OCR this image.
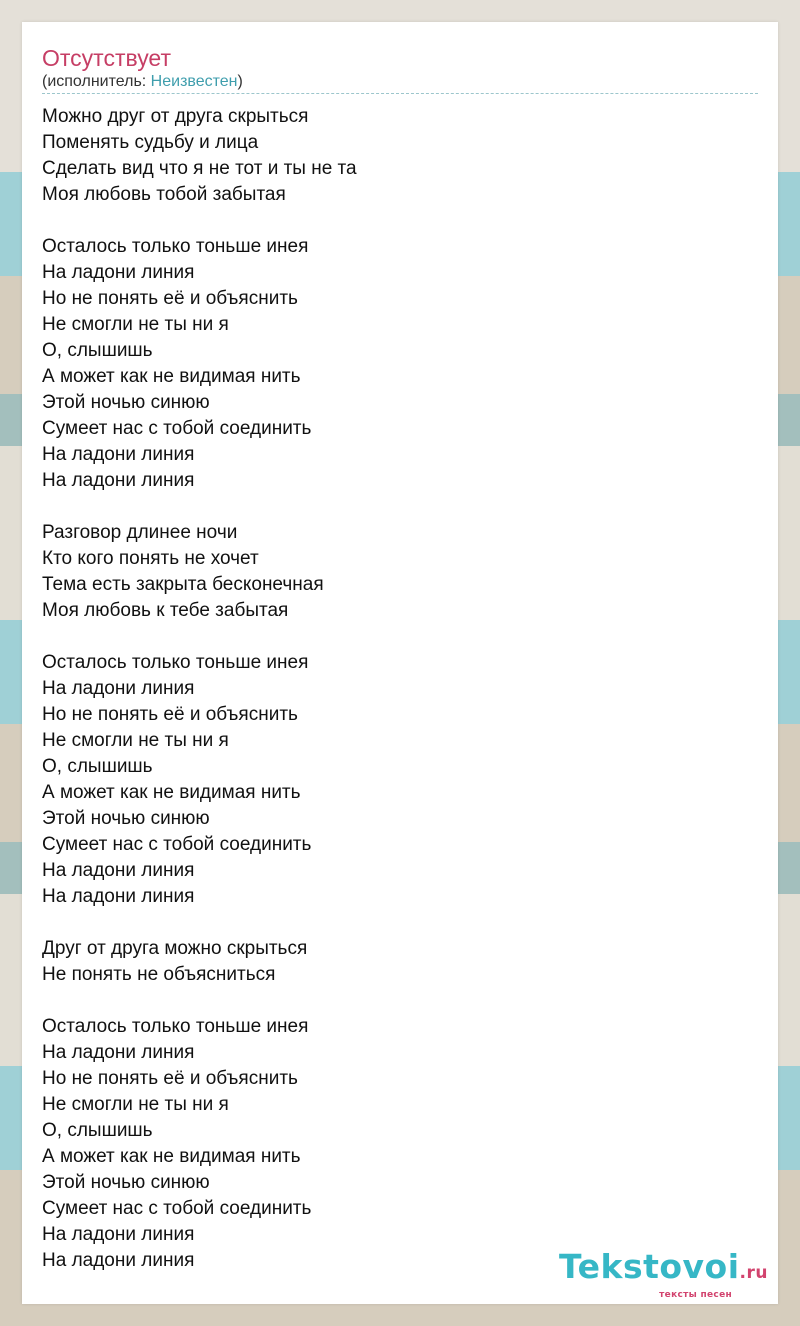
Отсутствует
(исполнитель: Неизвестен)
Можно друг от друга скрыться
Поменять судьбу и лица
Сделать вид что я не тот и ты не та
Моя любовь тобой забытая
Осталось только тоньше инея
На ладони линия
Но не понять её и объяснить
Не смогли не ты ни я
О, слышишь
А может как не видимая нить
Этой ночью синюю
Сумеет нас с тобой соединить
На ладони линия
На ладони линия
Разговор длинее ночи
Кто кого понять не хочет
Тема есть закрыта бесконечная
Моя любовь к тебе забытая
Осталось только тоньше инея
На ладони линия
Но не понять её и объяснить
Не смогли не ты ни я
О, слышишь
А может как не видимая нить
Этой ночью синюю
Сумеет нас с тобой соединить
На ладони линия
На ладони линия
Друг от друга можно скрыться
Не понять не объясниться
Осталось только тоньше инея
На ладони линия
Но не понять её и объяснить
Не смогли не ты ни я
О, слышишь
А может как не видимая нить
Этой ночью синюю
Сумеет нас с тобой соединить
На ладони линия
На ладони линия	Tekstovoi.ru
тексты песен
